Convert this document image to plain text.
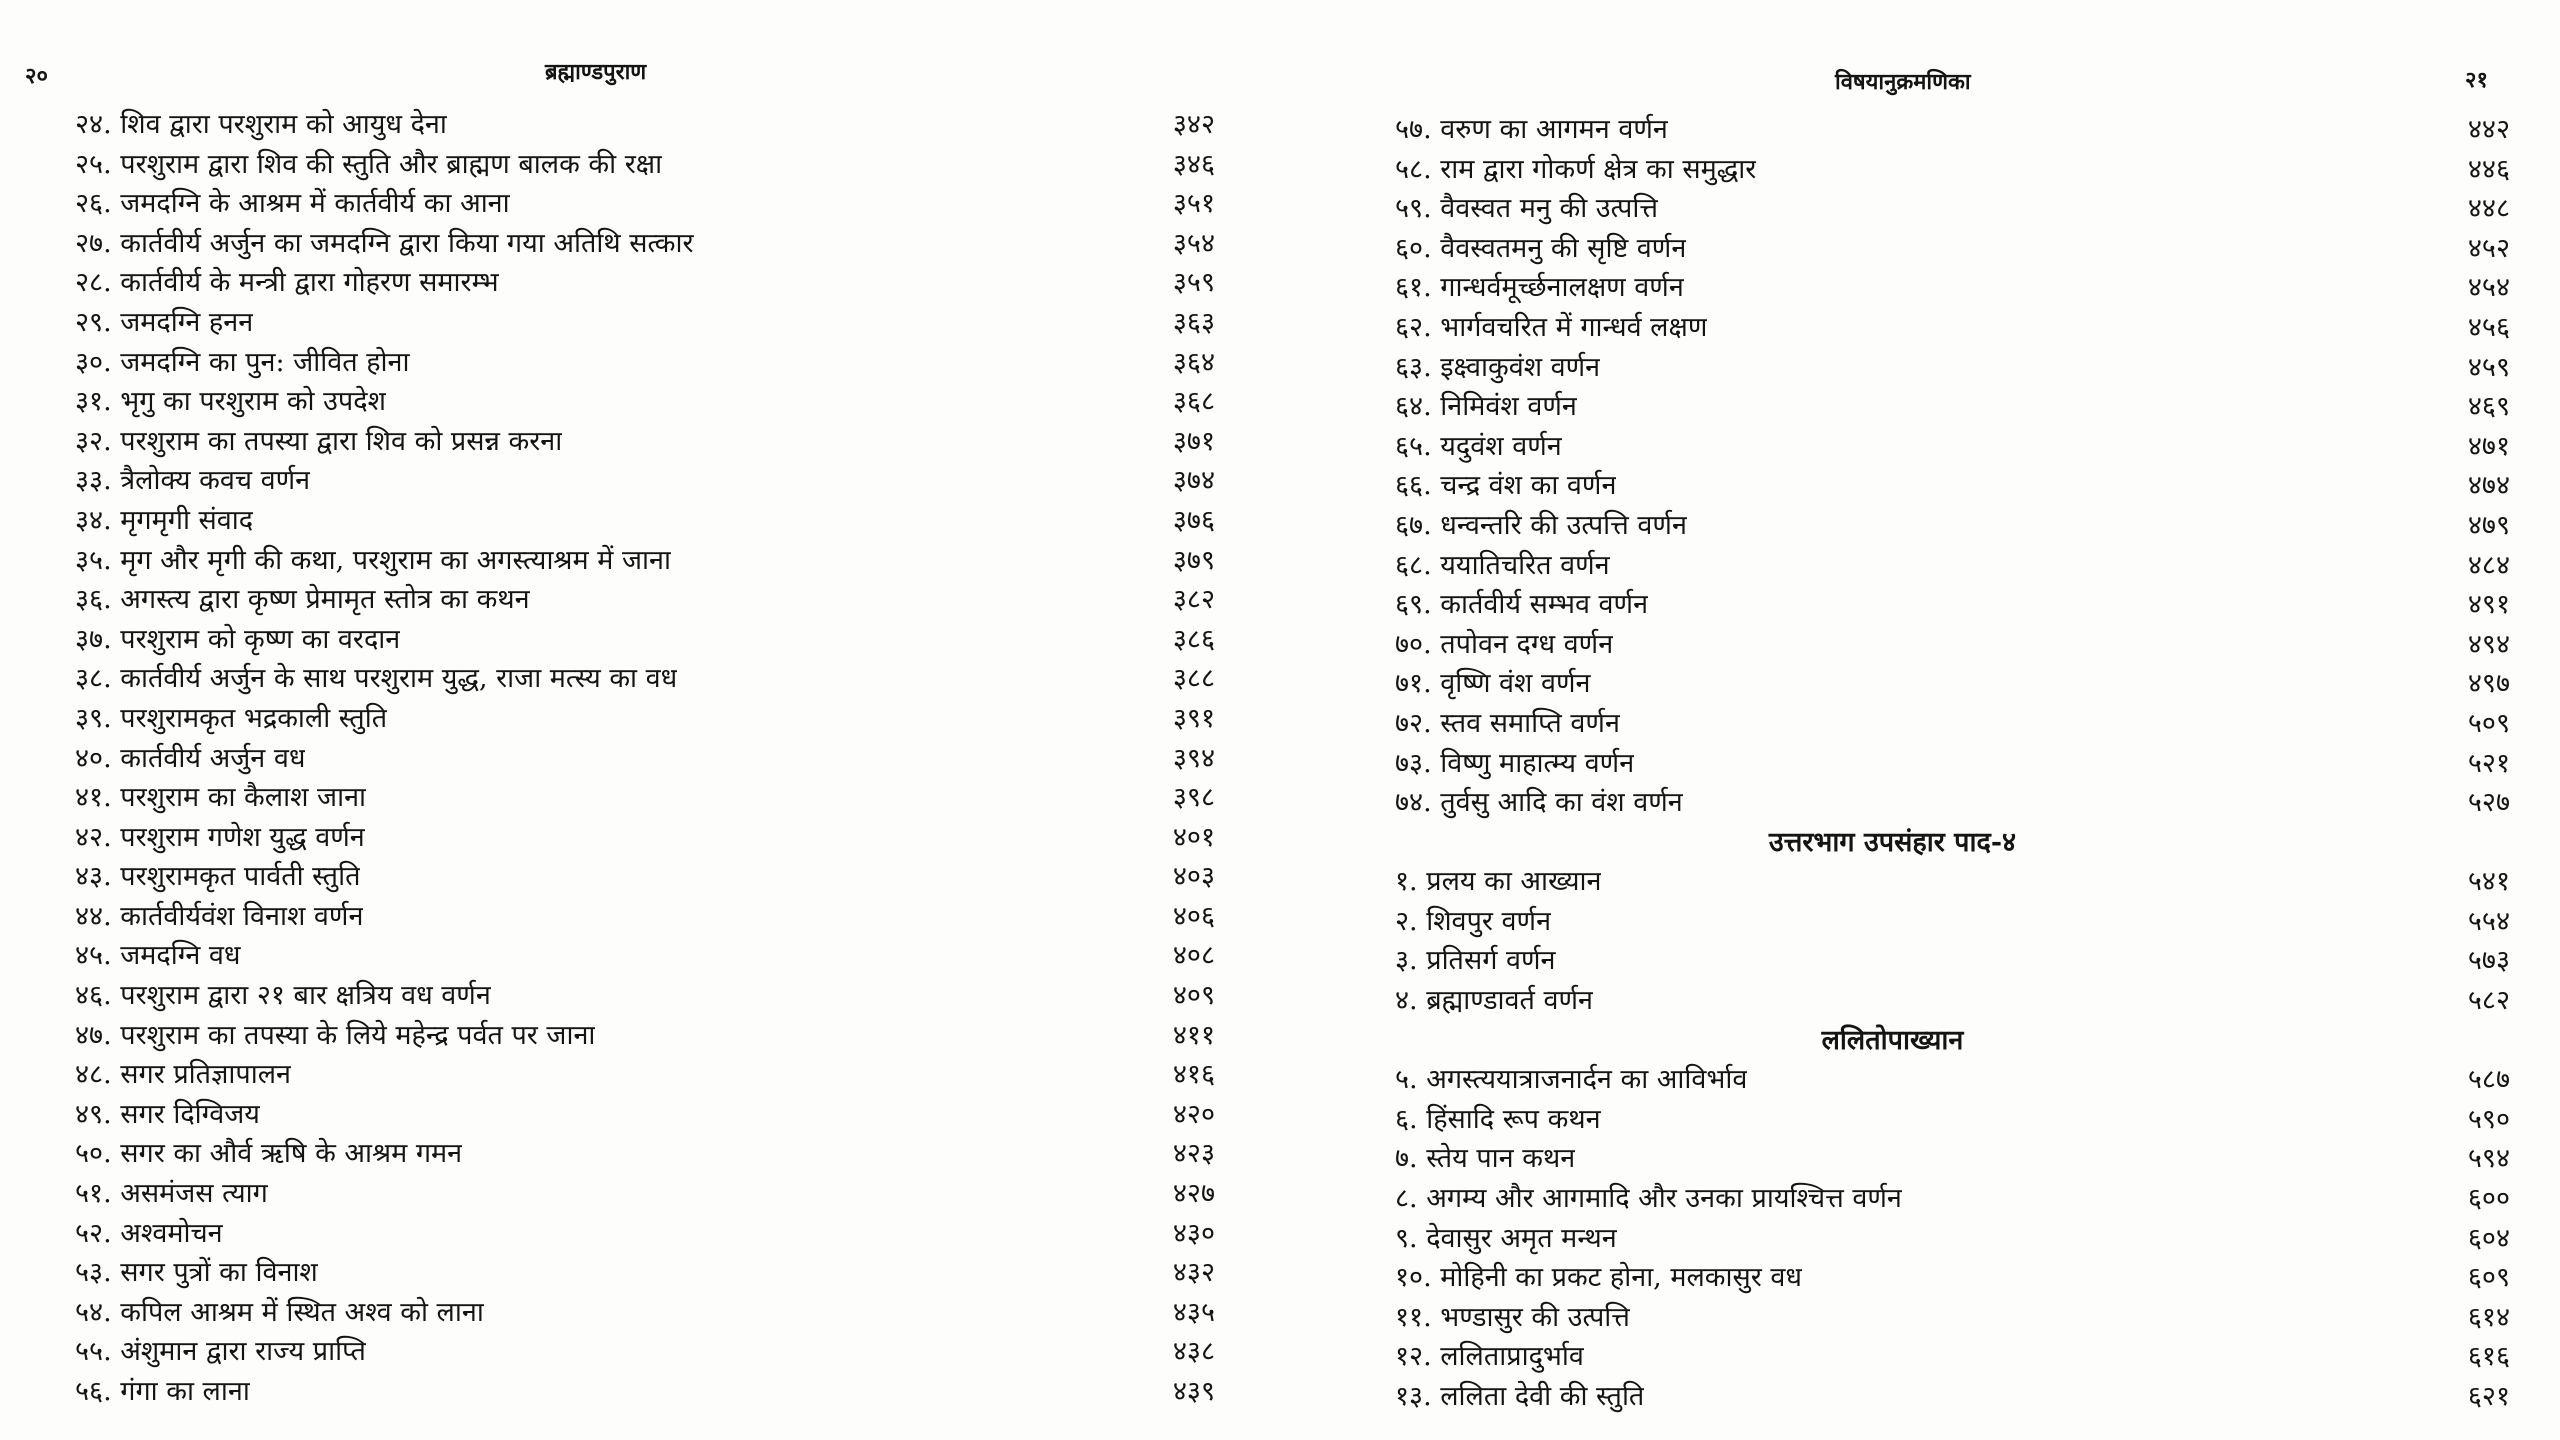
२०	ब्रह्माण्डपुराण
२४. शिव द्वारा परशुराम को आयुध देना	३४२
२५. परशुराम द्वारा शिव की स्तुति और ब्राह्मण बालक की रक्षा	३४६
२६. जमदग्नि के आश्रम में कार्तवीर्य का आना	३५१
२७. कार्तवीर्य अर्जुन का जमदग्नि द्वारा किया गया अतिथि सत्कार	३५४
२८. कार्तवीर्य के मन्त्री द्वारा गोहरण समारम्भ	३५९
२९. जमदग्नि हनन	३६३
३०. जमदग्नि का पुन: जीवित होना	३६४
३१. भृगु का परशुराम को उपदेश	३६८
३२. परशुराम का तपस्या द्वारा शिव को प्रसन्न करना	३७१
३३. त्रैलोक्य कवच वर्णन	३७४
३४. मृगमृगी संवाद	३७६
३५. मृग और मृगी की कथा, परशुराम का अगस्त्याश्रम में जाना	३७९
३६. अगस्त्य द्वारा कृष्ण प्रेमामृत स्तोत्र का कथन	३८२
३७. परशुराम को कृष्ण का वरदान	३८६
३८. कार्तवीर्य अर्जुन के साथ परशुराम युद्ध, राजा मत्स्य का वध	३८८
३९. परशुरामकृत भद्रकाली स्तुति	३९१
४०. कार्तवीर्य अर्जुन वध	३९४
४१. परशुराम का कैलाश जाना	३९८
४२. परशुराम गणेश युद्ध वर्णन	४०१
४३. परशुरामकृत पार्वती स्तुति	४०३
४४. कार्तवीर्यवंश विनाश वर्णन	४०६
४५. जमदग्नि वध	४०८
४६. परशुराम द्वारा २१ बार क्षत्रिय वध वर्णन	४०९
४७. परशुराम का तपस्या के लिये महेन्द्र पर्वत पर जाना	४११
४८. सगर प्रतिज्ञापालन	४१६
४९. सगर दिग्विजय	४२०
५०. सगर का और्व ऋषि के आश्रम गमन	४२३
५१. असमंजस त्याग	४२७
५२. अश्वमोचन	४३०
५३. सगर पुत्रों का विनाश	४३२
५४. कपिल आश्रम में स्थित अश्व को लाना	४३५
५५. अंशुमान द्वारा राज्य प्राप्ति	४३८
५६. गंगा का लाना	४३९
विषयानुक्रमणिका	२१
५७. वरुण का आगमन वर्णन	४४२
५८. राम द्वारा गोकर्ण क्षेत्र का समुद्धार	४४६
५९. वैवस्वत मनु की उत्पत्ति	४४८
६०. वैवस्वतमनु की सृष्टि वर्णन	४५२
६१. गान्धर्वमूर्च्छनालक्षण वर्णन	४५४
६२. भार्गवचरित में गान्धर्व लक्षण	४५६
६३. इक्ष्वाकुवंश वर्णन	४५९
६४. निमिवंश वर्णन	४६९
६५. यदुवंश वर्णन	४७१
६६. चन्द्र वंश का वर्णन	४७४
६७. धन्वन्तरि की उत्पत्ति वर्णन	४७९
६८. ययातिचरित वर्णन	४८४
६९. कार्तवीर्य सम्भव वर्णन	४९१
७०. तपोवन दग्ध वर्णन	४९४
७१. वृष्णि वंश वर्णन	४९७
७२. स्तव समाप्ति वर्णन	५०९
७३. विष्णु माहात्म्य वर्णन	५२१
७४. तुर्वसु आदि का वंश वर्णन	५२७
उत्तरभाग उपसंहार पाद-४
१. प्रलय का आख्यान	५४१
२. शिवपुर वर्णन	५५४
३. प्रतिसर्ग वर्णन	५७३
४. ब्रह्माण्डावर्त वर्णन	५८२
ललितोपाख्यान
५. अगस्त्ययात्राजनार्दन का आविर्भाव	५८७
६. हिंसादि रूप कथन	५९०
७. स्तेय पान कथन	५९४
८. अगम्य और आगमादि और उनका प्रायश्चित्त वर्णन	६००
९. देवासुर अमृत मन्थन	६०४
१०. मोहिनी का प्रकट होना, मलकासुर वध	६०९
११. भण्डासुर की उत्पत्ति	६१४
१२. ललिताप्रादुर्भाव	६१६
१३. ललिता देवी की स्तुति	६२१
